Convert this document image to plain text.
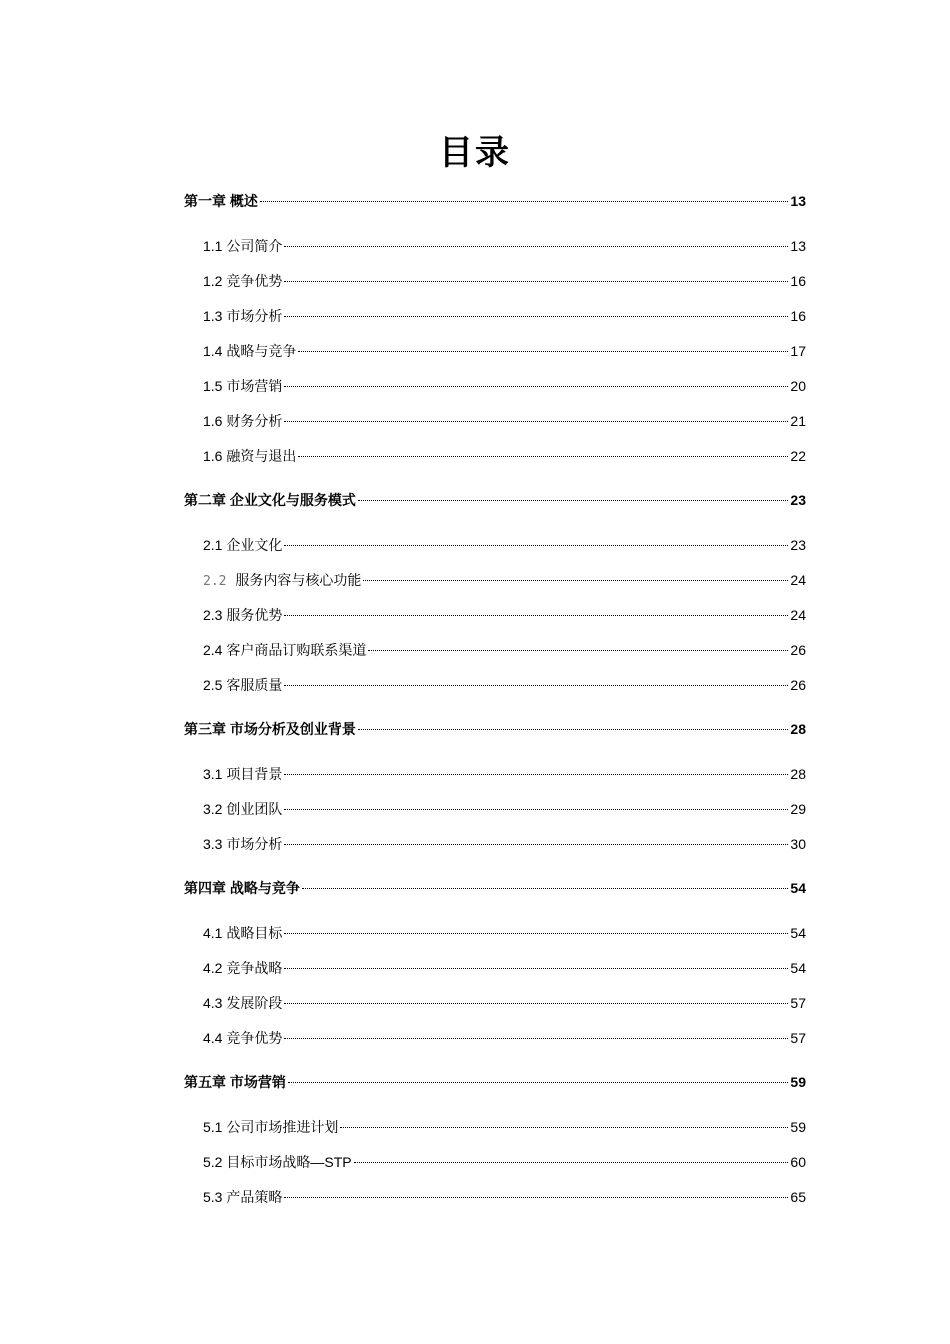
目录
第一章 概述	13
1.1 公司简介	13
1.2 竞争优势	16
1.3 市场分析	16
1.4 战略与竞争	17
1.5 市场营销	20
1.6 财务分析	21
1.6 融资与退出	22
第二章 企业文化与服务模式	23
2.1 企业文化	23
2.2 服务内容与核心功能	24
2.3 服务优势	24
2.4 客户商品订购联系渠道	26
2.5 客服质量	26
第三章 市场分析及创业背景	28
3.1 项目背景	28
3.2 创业团队	29
3.3 市场分析	30
第四章 战略与竞争	54
4.1 战略目标	54
4.2 竞争战略	54
4.3 发展阶段	57
4.4 竞争优势	57
第五章 市场营销	59
5.1 公司市场推进计划	59
5.2 目标市场战略—STP	60
5.3 产品策略	65
